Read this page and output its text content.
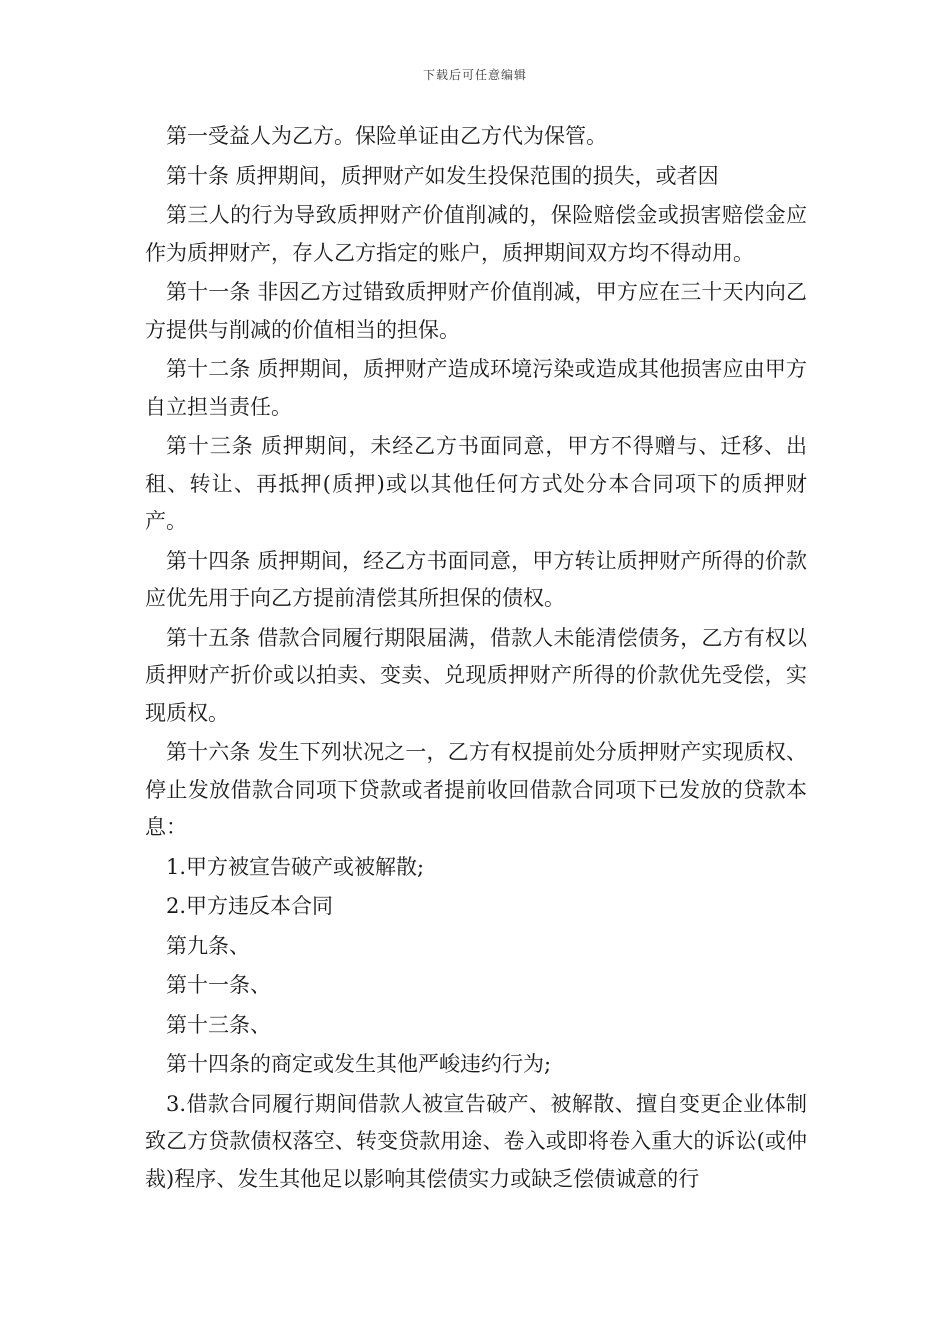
下载后可任意编辑

第一受益人为乙方。保险单证由乙方代为保管。

第十条 质押期间，质押财产如发生投保范围的损失，或者因

第三人的行为导致质押财产价值削减的，保险赔偿金或损害赔偿金应作为质押财产，存人乙方指定的账户，质押期间双方均不得动用。

第十一条 非因乙方过错致质押财产价值削减，甲方应在三十天内向乙方提供与削减的价值相当的担保。

第十二条 质押期间，质押财产造成环境污染或造成其他损害应由甲方自立担当责任。

第十三条 质押期间，未经乙方书面同意，甲方不得赠与、迁移、出租、转让、再抵押(质押)或以其他任何方式处分本合同项下的质押财产。

第十四条 质押期间，经乙方书面同意，甲方转让质押财产所得的价款应优先用于向乙方提前清偿其所担保的债权。

第十五条 借款合同履行期限届满，借款人未能清偿债务，乙方有权以质押财产折价或以拍卖、变卖、兑现质押财产所得的价款优先受偿，实现质权。

第十六条 发生下列状况之一，乙方有权提前处分质押财产实现质权、停止发放借款合同项下贷款或者提前收回借款合同项下已发放的贷款本息：

1.甲方被宣告破产或被解散;

2.甲方违反本合同

第九条、

第十一条、

第十三条、

第十四条的商定或发生其他严峻违约行为;

3.借款合同履行期间借款人被宣告破产、被解散、擅自变更企业体制致乙方贷款债权落空、转变贷款用途、卷入或即将卷入重大的诉讼(或仲裁)程序、发生其他足以影响其偿债实力或缺乏偿债诚意的行
